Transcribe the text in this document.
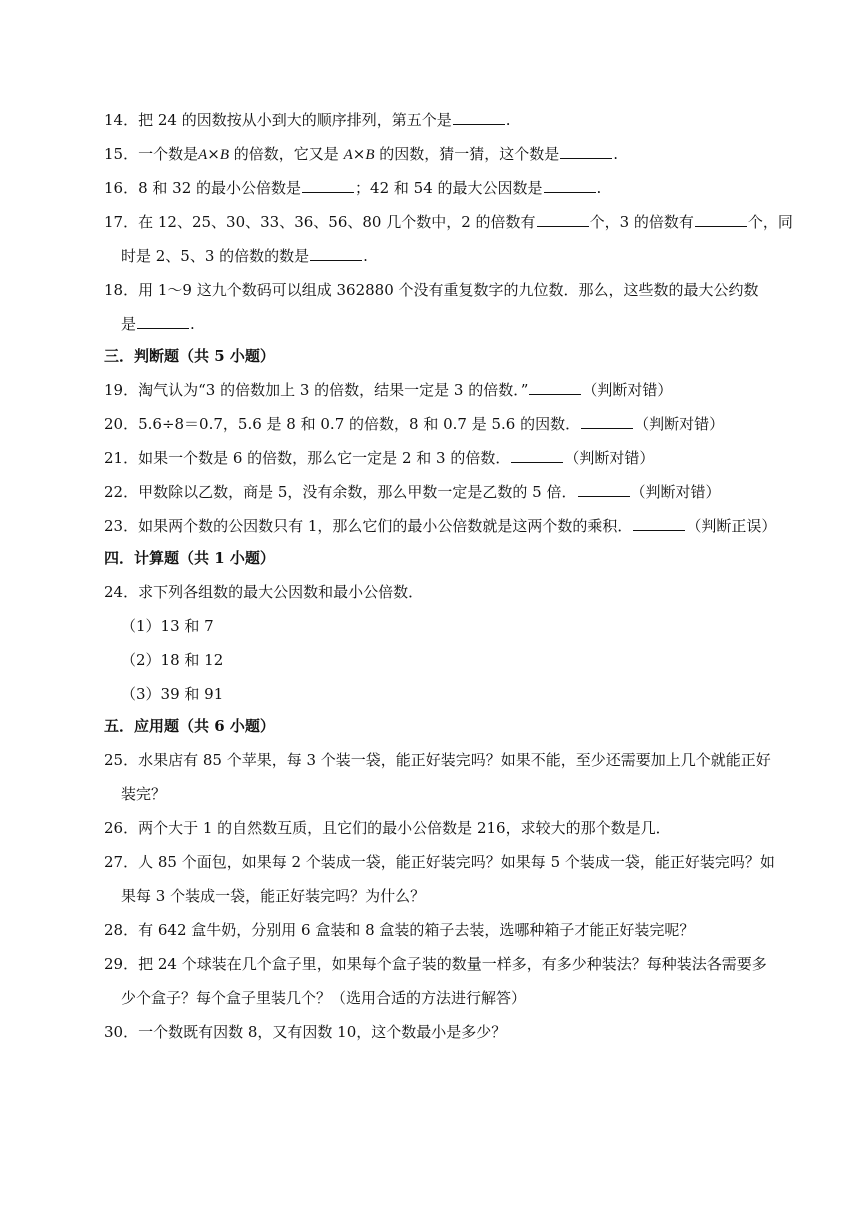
14．把 24 的因数按从小到大的顺序排列，第五个是	.
15．一个数是A×B 的倍数，它又是 A×B 的因数，猜一猜，这个数是	.
16．8 和 32 的最小公倍数是	；42 和 54 的最大公因数是	.
17．在 12、25、30、33、36、56、80 几个数中，2 的倍数有	个，3 的倍数有	个，同
时是 2、5、3 的倍数的数是	.
18．用 1～9 这九个数码可以组成 362880 个没有重复数字的九位数．那么，这些数的最大公约数
是	.
三．判断题（共 5 小题）
19．淘气认为“3 的倍数加上 3 的倍数，结果一定是 3 的倍数．”	（判断对错）
20．5.6÷8＝0.7，5.6 是 8 和 0.7 的倍数，8 和 0.7 是 5.6 的因数．	（判断对错）
21．如果一个数是 6 的倍数，那么它一定是 2 和 3 的倍数．	（判断对错）
22．甲数除以乙数，商是 5，没有余数，那么甲数一定是乙数的 5 倍．	（判断对错）
23．如果两个数的公因数只有 1，那么它们的最小公倍数就是这两个数的乘积．	（判断正误）
四．计算题（共 1 小题）
24．求下列各组数的最大公因数和最小公倍数．
（1）13 和 7
（2）18 和 12
（3）39 和 91
五．应用题（共 6 小题）
25．水果店有 85 个苹果，每 3 个装一袋，能正好装完吗？如果不能，至少还需要加上几个就能正好
装完？
26．两个大于 1 的自然数互质，且它们的最小公倍数是 216，求较大的那个数是几．
27．人 85 个面包，如果每 2 个装成一袋，能正好装完吗？如果每 5 个装成一袋，能正好装完吗？如
果每 3 个装成一袋，能正好装完吗？为什么？
28．有 642 盒牛奶，分别用 6 盒装和 8 盒装的箱子去装，选哪种箱子才能正好装完呢？
29．把 24 个球装在几个盒子里，如果每个盒子装的数量一样多，有多少种装法？每种装法各需要多
少个盒子？每个盒子里装几个？（选用合适的方法进行解答）
30．一个数既有因数 8，又有因数 10，这个数最小是多少？
